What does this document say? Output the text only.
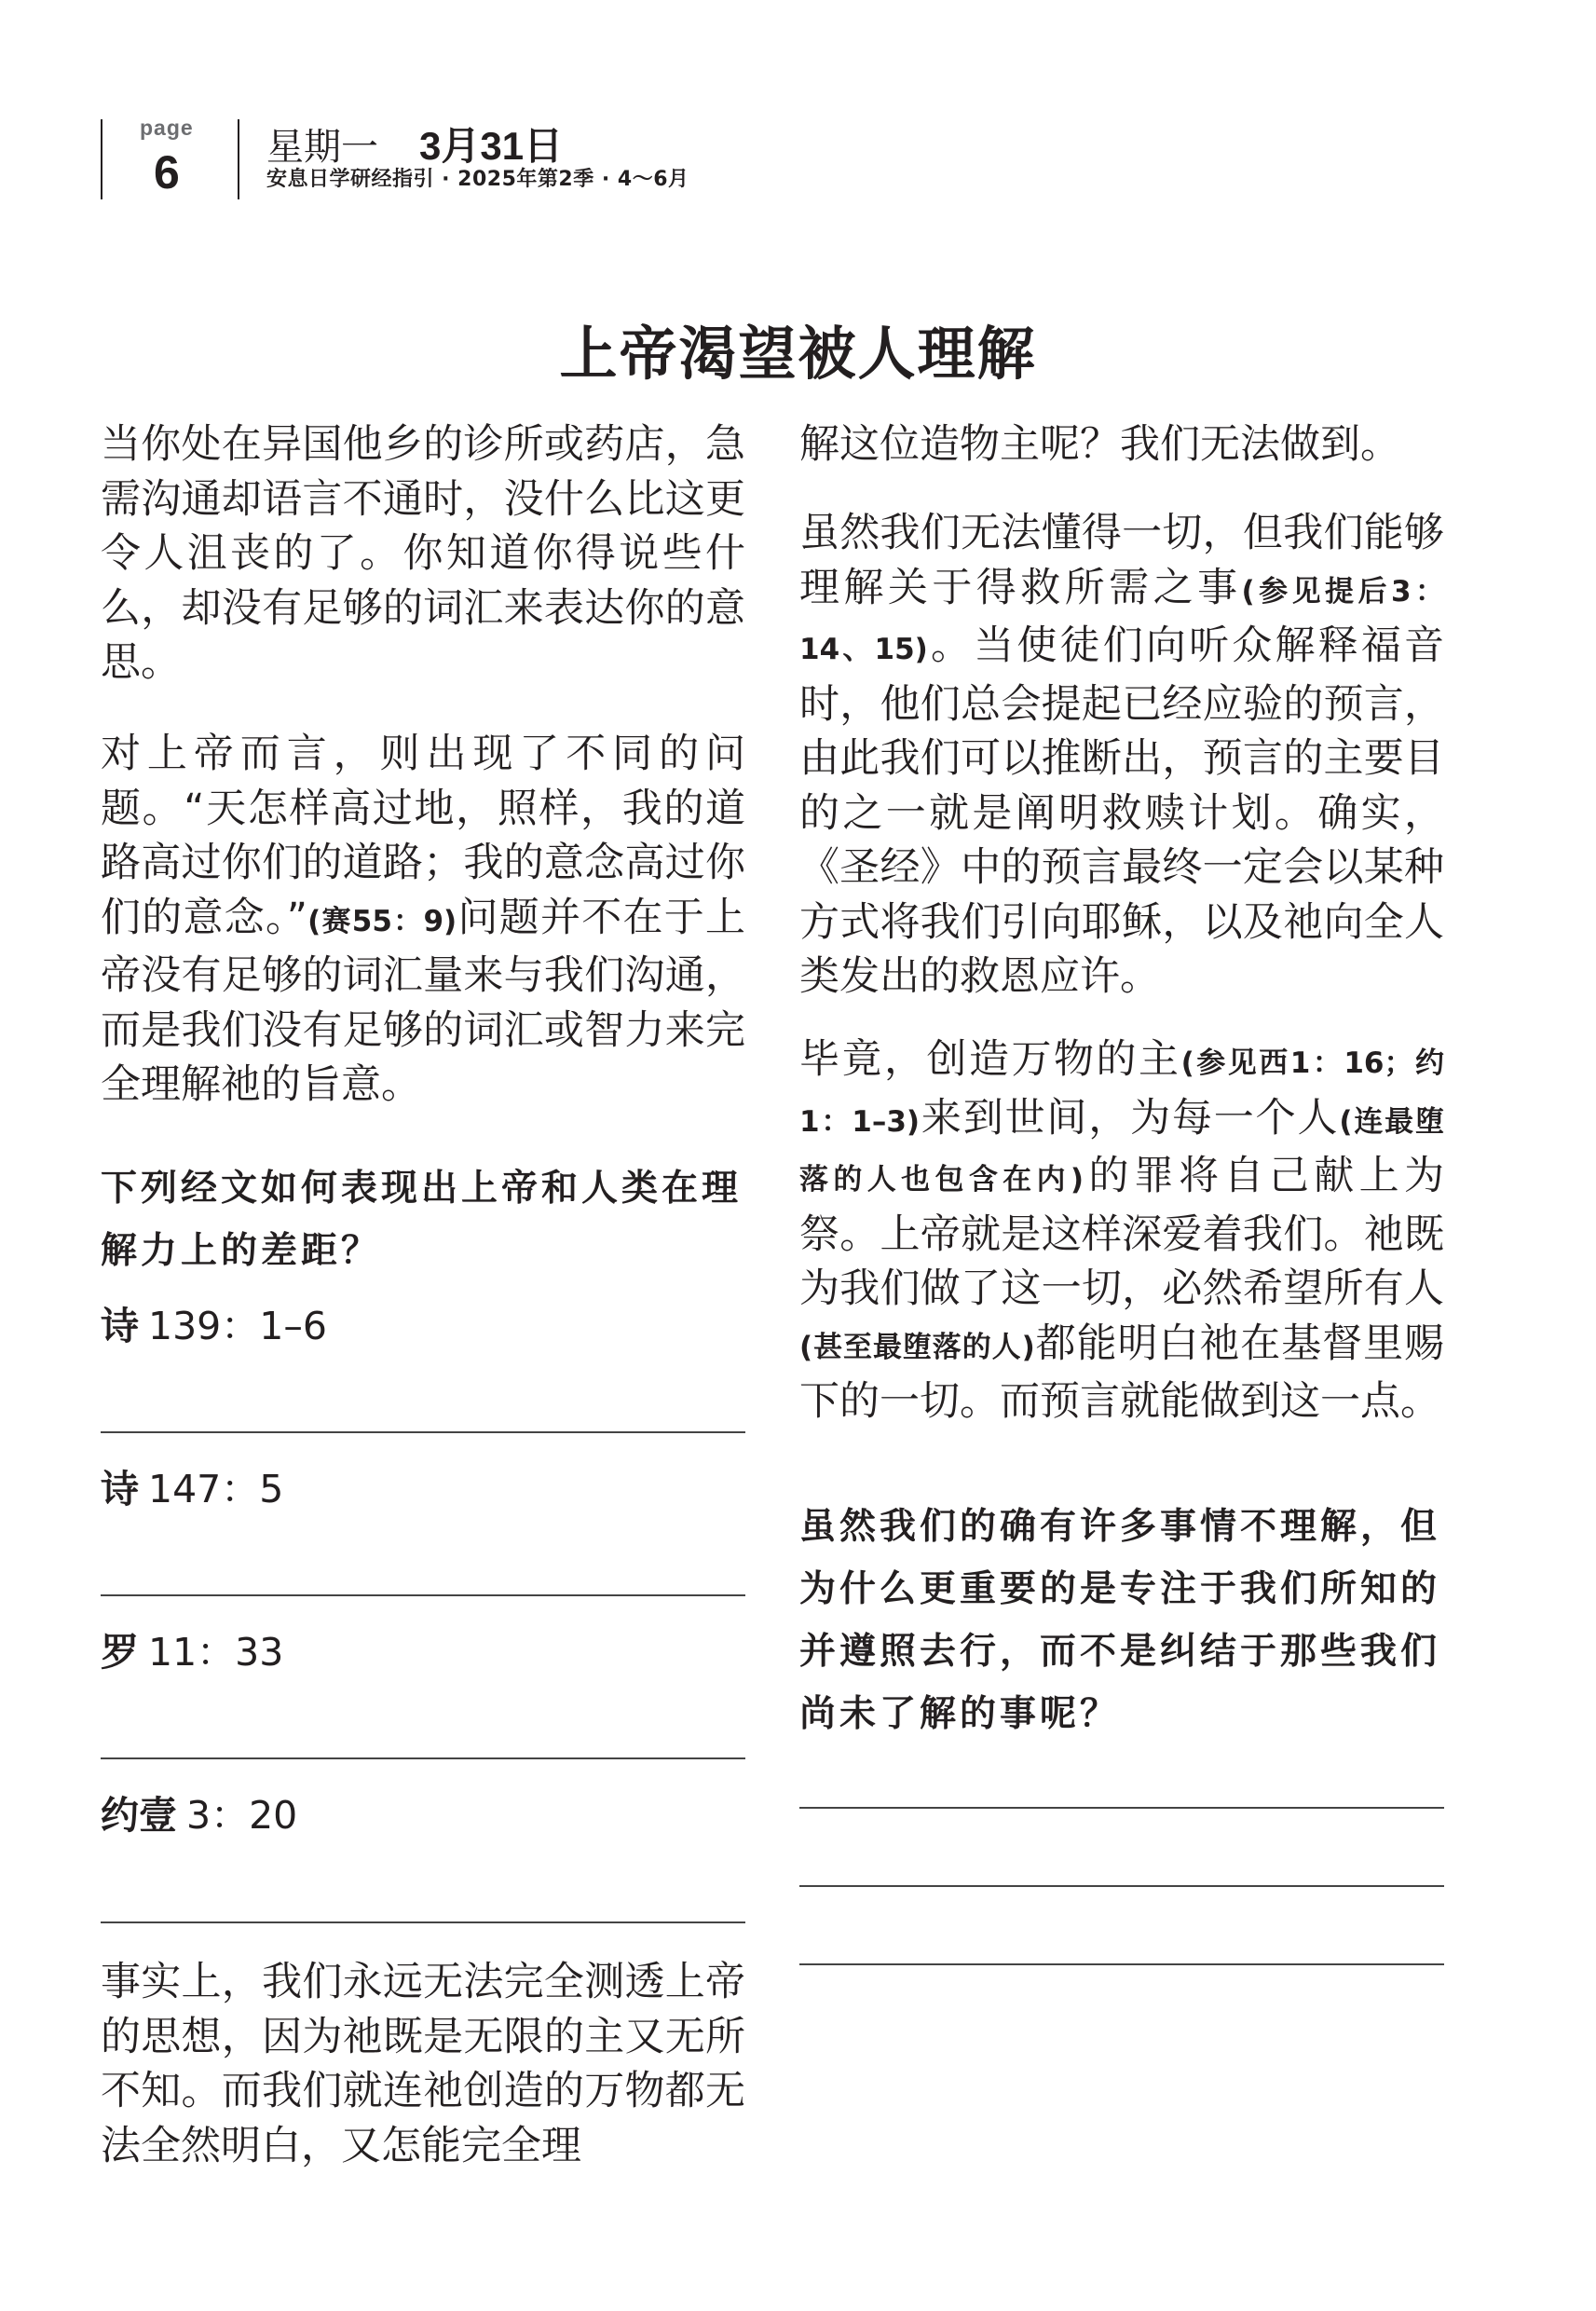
page
6 星期一 3月31日
安息日学研经指引 · 2025年第2季 · 4～6月
上帝渴望被人理解
当你处在异国他乡的诊所或药店，急需沟通却语言不通时，没什么比这更令人沮丧的了。你知道你得说些什么，却没有足够的词汇来表达你的意思。
对上帝而言，则出现了不同的问题。“天怎样高过地，照样，我的道路高过你们的道路；我的意念高过你们的意念。”(赛55：9)问题并不在于上帝没有足够的词汇量来与我们沟通，而是我们没有足够的词汇或智力来完全理解祂的旨意。
下列经文如何表现出上帝和人类在理解力上的差距？
诗 139：1–6
诗 147：5
罗 11：33
约壹 3：20
事实上，我们永远无法完全测透上帝的思想，因为祂既是无限的主又无所不知。而我们就连祂创造的万物都无法全然明白，又怎能完全理
解这位造物主呢？我们无法做到。
虽然我们无法懂得一切，但我们能够理解关于得救所需之事(参见提后3：14、15)。当使徒们向听众解释福音时，他们总会提起已经应验的预言，由此我们可以推断出，预言的主要目的之一就是阐明救赎计划。确实，《圣经》中的预言最终一定会以某种方式将我们引向耶稣，以及祂向全人类发出的救恩应许。
毕竟，创造万物的主(参见西1：16；约1：1–3)来到世间，为每一个人(连最堕落的人也包含在内)的罪将自己献上为祭。上帝就是这样深爱着我们。祂既为我们做了这一切，必然希望所有人(甚至最堕落的人)都能明白祂在基督里赐下的一切。而预言就能做到这一点。
虽然我们的确有许多事情不理解，但为什么更重要的是专注于我们所知的并遵照去行，而不是纠结于那些我们尚未了解的事呢？
